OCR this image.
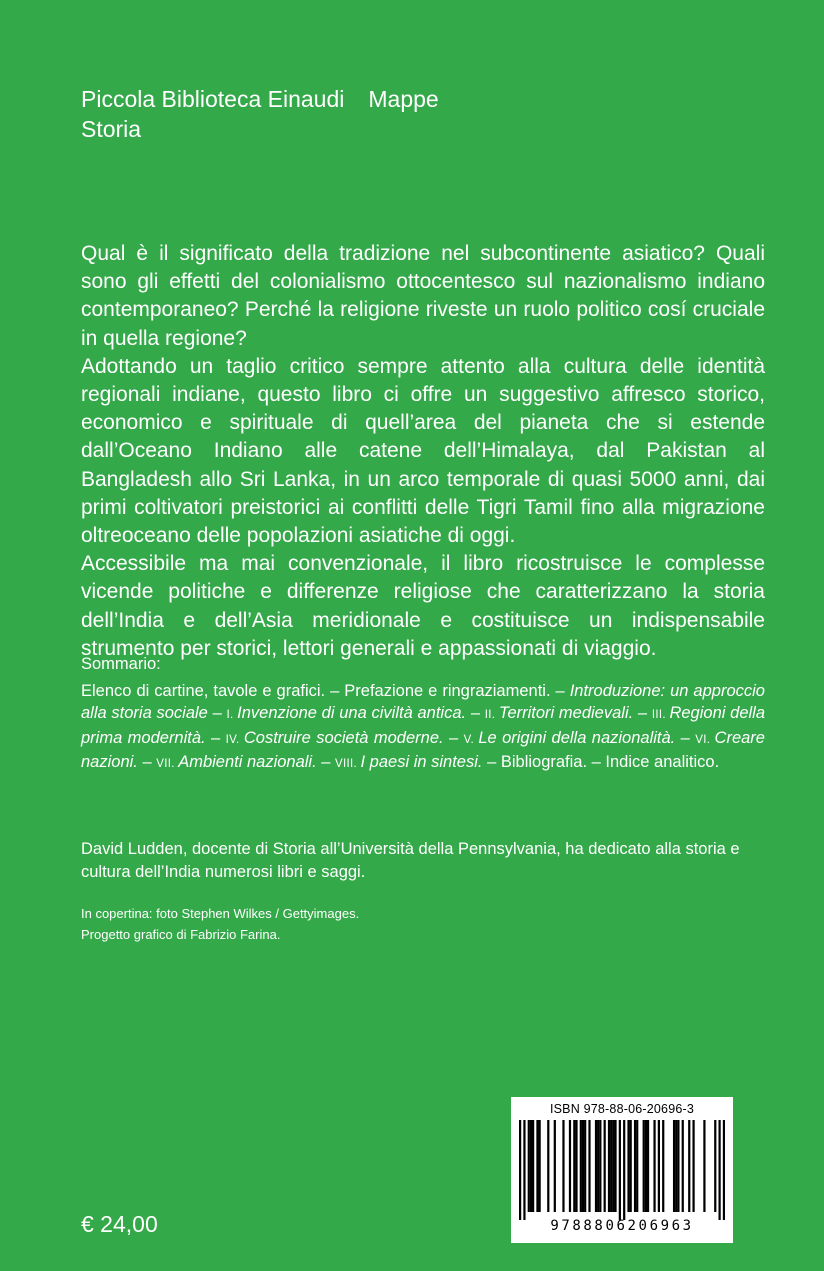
Piccola Biblioteca Einaudi Mappe
Storia

Qual è il significato della tradizione nel subcontinente asiatico? Quali sono gli effetti del colonialismo ottocentesco sul nazionalismo indiano contemporaneo? Perché la religione riveste un ruolo politico cosí cruciale in quella regione?

Adottando un taglio critico sempre attento alla cultura delle identità regionali indiane, questo libro ci offre un suggestivo affresco storico, economico e spirituale di quell’area del pianeta che si estende dall’Oceano Indiano alle catene dell’Himalaya, dal Pakistan al Bangladesh allo Sri Lanka, in un arco temporale di quasi 5000 anni, dai primi coltivatori preistorici ai conflitti delle Tigri Tamil fino alla migrazione oltreoceano delle popolazioni asiatiche di oggi.

Accessibile ma mai convenzionale, il libro ricostruisce le complesse vicende politiche e differenze religiose che caratterizzano la storia dell’India e dell’Asia meridionale e costituisce un indispensabile strumento per storici, lettori generali e appassionati di viaggio.

Sommario:

Elenco di cartine, tavole e grafici. – Prefazione e ringraziamenti. – Introduzione: un approccio alla storia sociale – I. Invenzione di una civiltà antica. – II. Territori medievali. – III. Regioni della prima modernità. – IV. Costruire società moderne. – V. Le origini della nazionalità. – VI. Creare nazioni. – VII. Ambienti nazionali. – VIII. I paesi in sintesi. – Bibliografia. – Indice analitico.

David Ludden, docente di Storia all’Università della Pennsylvania, ha dedicato alla storia e cultura dell’India numerosi libri e saggi.
In copertina: foto Stephen Wilkes / Gettyimages.
Progetto grafico di Fabrizio Farina.
€ 24,00
ISBN 978-88-06-20696-3
9788806206963
